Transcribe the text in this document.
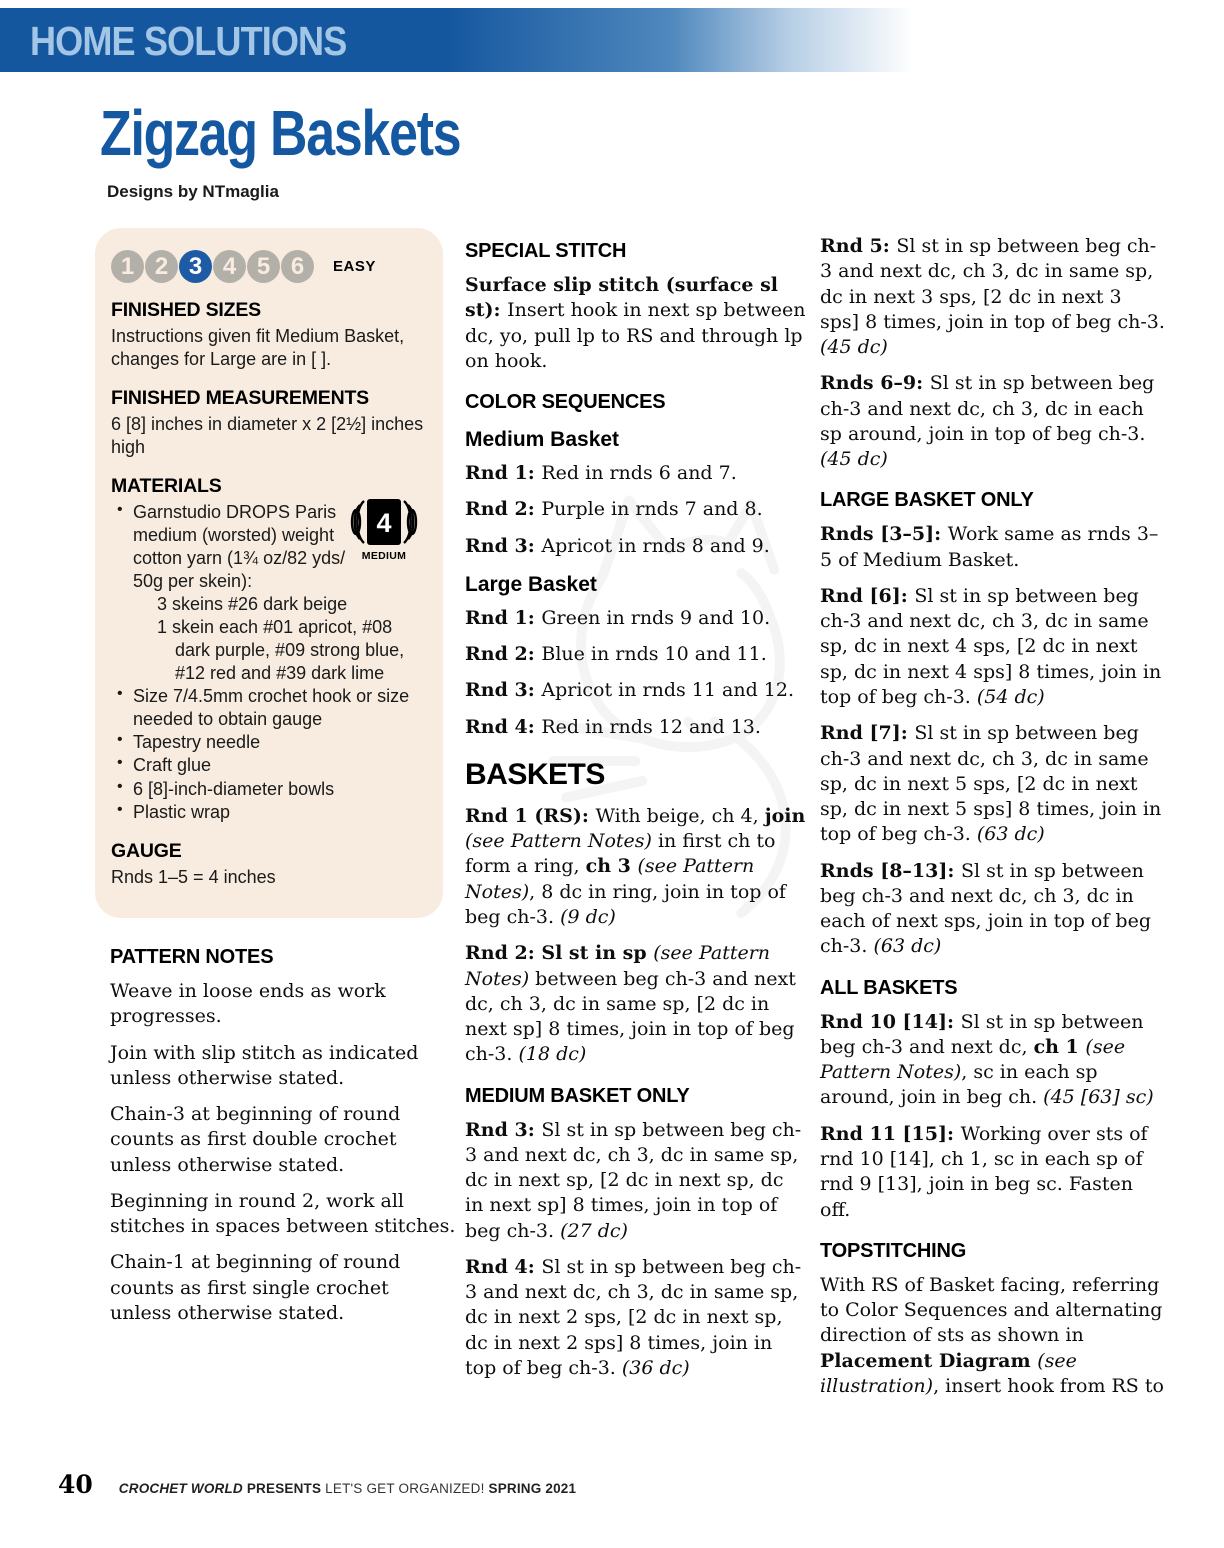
HOME SOLUTIONS
Zigzag Baskets
Designs by NTmaglia
1 2 3 4 5 6	EASY
FINISHED SIZES
Instructions given fit Medium Basket, changes for Large are in [ ].
FINISHED MEASUREMENTS
6 [8] inches in diameter x 2 [2½] inches high
MATERIALS
4
MEDIUM
• Garnstudio DROPS Paris medium (worsted) weight cotton yarn (1¾ oz/82 yds/ 50g per skein):
3 skeins #26 dark beige
1 skein each #01 apricot, #08 dark purple, #09 strong blue, #12 red and #39 dark lime
• Size 7/4.5mm crochet hook or size needed to obtain gauge
• Tapestry needle
• Craft glue
• 6 [8]-inch-diameter bowls
• Plastic wrap
GAUGE
Rnds 1–5 = 4 inches
PATTERN NOTES

Weave in loose ends as work progresses.

Join with slip stitch as indicated unless otherwise stated.

Chain-3 at beginning of round counts as first double crochet unless otherwise stated.

Beginning in round 2, work all stitches in spaces between stitches.

Chain-1 at beginning of round counts as first single crochet unless otherwise stated.

SPECIAL STITCH

Surface slip stitch (surface sl st): Insert hook in next sp between dc, yo, pull lp to RS and through lp on hook.

COLOR SEQUENCES
Medium Basket

Rnd 1: Red in rnds 6 and 7.

Rnd 2: Purple in rnds 7 and 8.

Rnd 3: Apricot in rnds 8 and 9.

Large Basket

Rnd 1: Green in rnds 9 and 10.

Rnd 2: Blue in rnds 10 and 11.

Rnd 3: Apricot in rnds 11 and 12.

Rnd 4: Red in rnds 12 and 13.

BASKETS

Rnd 1 (RS): With beige, ch 4, join (see Pattern Notes) in first ch to form a ring, ch 3 (see Pattern Notes), 8 dc in ring, join in top of beg ch-3. (9 dc)

Rnd 2: Sl st in sp (see Pattern Notes) between beg ch-3 and next dc, ch 3, dc in same sp, [2 dc in next sp] 8 times, join in top of beg ch-3. (18 dc)

MEDIUM BASKET ONLY

Rnd 3: Sl st in sp between beg ch-3 and next dc, ch 3, dc in same sp, dc in next sp, [2 dc in next sp, dc in next sp] 8 times, join in top of beg ch-3. (27 dc)

Rnd 4: Sl st in sp between beg ch-3 and next dc, ch 3, dc in same sp, dc in next 2 sps, [2 dc in next sp, dc in next 2 sps] 8 times, join in top of beg ch-3. (36 dc)

Rnd 5: Sl st in sp between beg ch-3 and next dc, ch 3, dc in same sp, dc in next 3 sps, [2 dc in next 3 sps] 8 times, join in top of beg ch-3. (45 dc)

Rnds 6–9: Sl st in sp between beg ch-3 and next dc, ch 3, dc in each sp around, join in top of beg ch-3. (45 dc)

LARGE BASKET ONLY

Rnds [3–5]: Work same as rnds 3–5 of Medium Basket.

Rnd [6]: Sl st in sp between beg ch-3 and next dc, ch 3, dc in same sp, dc in next 4 sps, [2 dc in next sp, dc in next 4 sps] 8 times, join in top of beg ch-3. (54 dc)

Rnd [7]: Sl st in sp between beg ch-3 and next dc, ch 3, dc in same sp, dc in next 5 sps, [2 dc in next sp, dc in next 5 sps] 8 times, join in top of beg ch-3. (63 dc)

Rnds [8–13]: Sl st in sp between beg ch-3 and next dc, ch 3, dc in each of next sps, join in top of beg ch-3. (63 dc)

ALL BASKETS

Rnd 10 [14]: Sl st in sp between beg ch-3 and next dc, ch 1 (see Pattern Notes), sc in each sp around, join in beg ch. (45 [63] sc)

Rnd 11 [15]: Working over sts of rnd 10 [14], ch 1, sc in each sp of rnd 9 [13], join in beg sc. Fasten off.

TOPSTITCHING

With RS of Basket facing, referring to Color Sequences and alternating direction of sts as shown in Placement Diagram (see illustration), insert hook from RS to

40 CROCHET WORLD PRESENTS LET'S GET ORGANIZED! SPRING 2021
